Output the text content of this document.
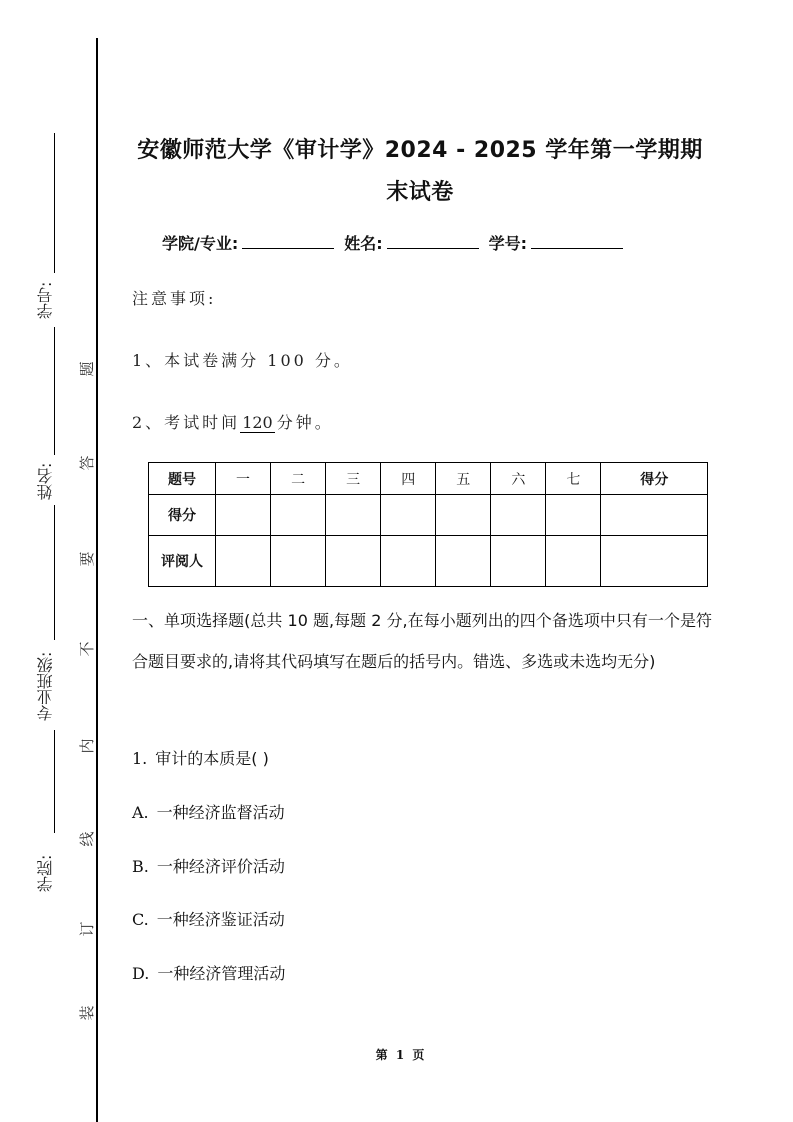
学号:
姓名:
专业班级:
学院:
题
答
要
不
内
线
订
装
安徽师范大学《审计学》2024 - 2025 学年第一学期期
末试卷
学院/专业:	姓名:	学号:
注意事项:
1、本试卷满分 100 分。
2、考试时间 120 分钟。
题号	一	二	三	四	五	六	七	得分
得分								
评阅人								
一、单项选择题(总共 10 题,每题 2 分,在每小题列出的四个备选项中只有一个是符合题目要求的,请将其代码填写在题后的括号内。错选、多选或未选均无分)
1. 审计的本质是( )
A. 一种经济监督活动
B. 一种经济评价活动
C. 一种经济鉴证活动
D. 一种经济管理活动
第 1 页
